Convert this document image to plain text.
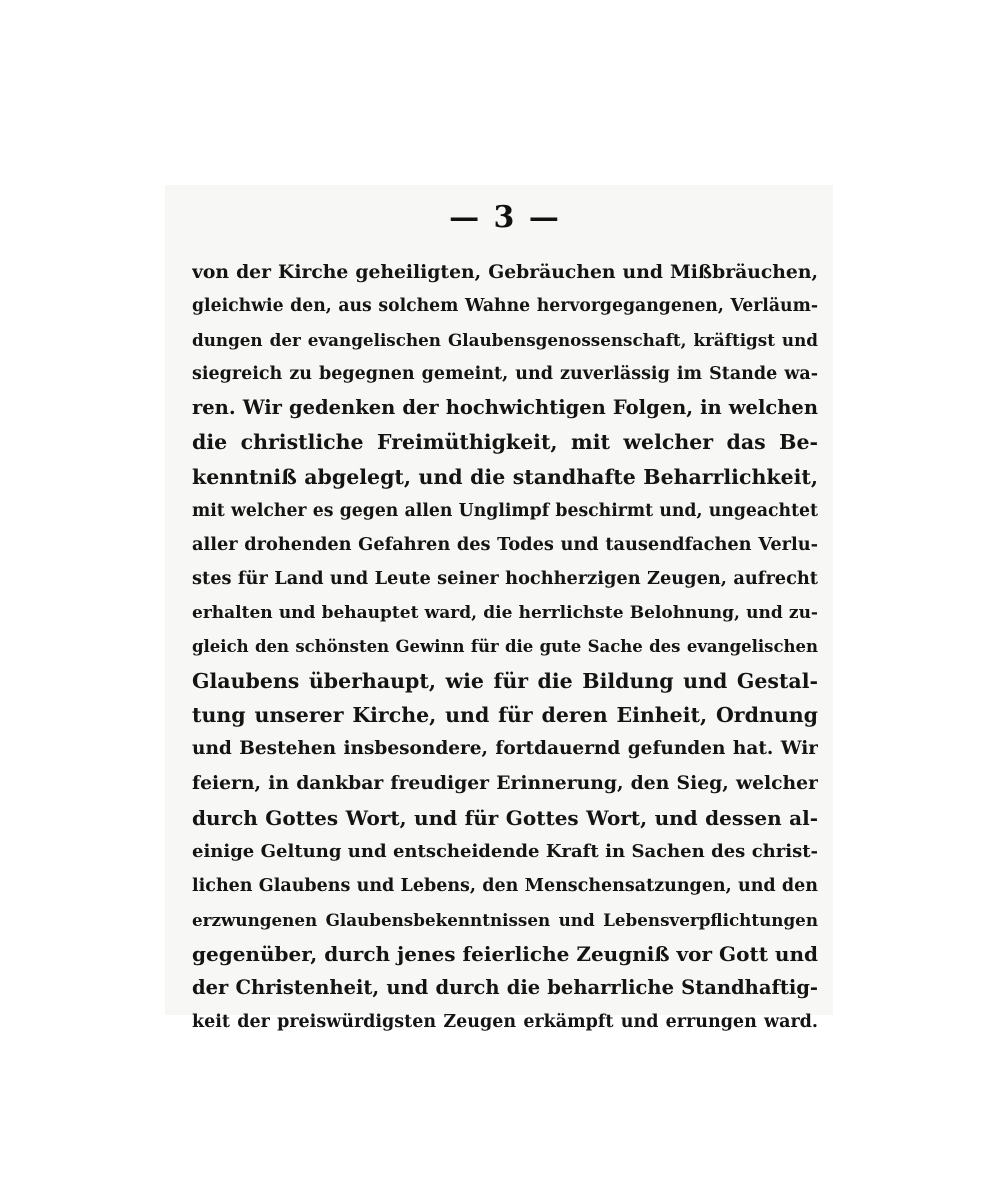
— 3 —
von der Kirche geheiligten, Gebräuchen und Mißbräuchen,
gleichwie den, aus solchem Wahne hervorgegangenen, Verläum-
dungen der evangelischen Glaubensgenossenschaft, kräftigst und
siegreich zu begegnen gemeint, und zuverlässig im Stande wa-
ren. Wir gedenken der hochwichtigen Folgen, in welchen
die christliche Freimüthigkeit, mit welcher das Be-
kenntniß abgelegt, und die standhafte Beharrlichkeit,
mit welcher es gegen allen Unglimpf beschirmt und, ungeachtet
aller drohenden Gefahren des Todes und tausendfachen Verlu-
stes für Land und Leute seiner hochherzigen Zeugen, aufrecht
erhalten und behauptet ward, die herrlichste Belohnung, und zu-
gleich den schönsten Gewinn für die gute Sache des evangelischen
Glaubens überhaupt, wie für die Bildung und Gestal-
tung unserer Kirche, und für deren Einheit, Ordnung
und Bestehen insbesondere, fortdauernd gefunden hat. Wir
feiern, in dankbar freudiger Erinnerung, den Sieg, welcher
durch Gottes Wort, und für Gottes Wort, und dessen al-
einige Geltung und entscheidende Kraft in Sachen des christ-
lichen Glaubens und Lebens, den Menschensatzungen, und den
erzwungenen Glaubensbekenntnissen und Lebensverpflichtungen
gegenüber, durch jenes feierliche Zeugniß vor Gott und
der Christenheit, und durch die beharrliche Standhaftig-
keit der preiswürdigsten Zeugen erkämpft und errungen ward.
